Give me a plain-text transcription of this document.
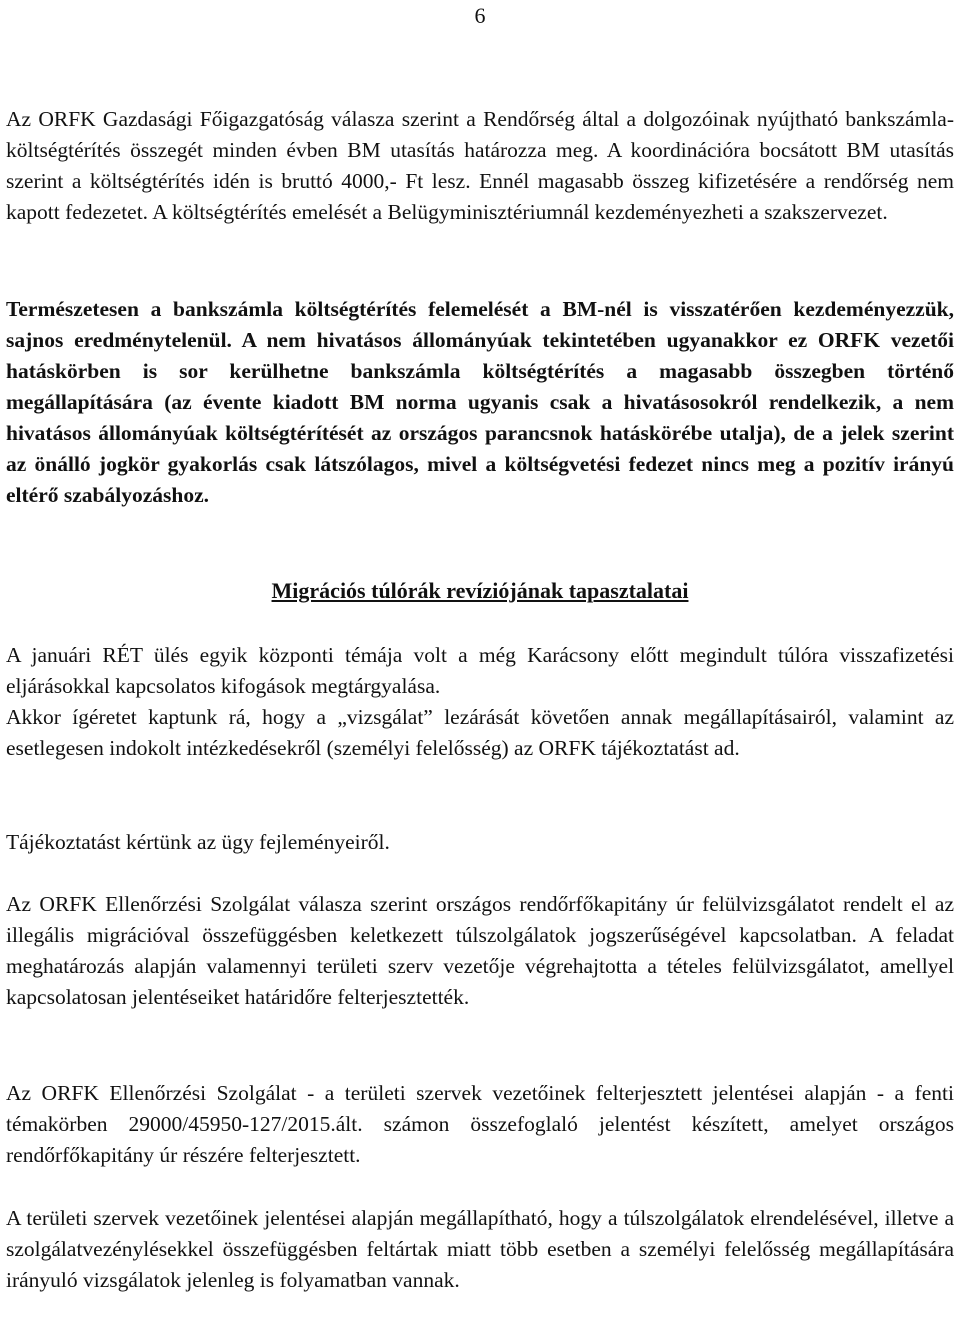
6

Az ORFK Gazdasági Főigazgatóság válasza szerint a Rendőrség által a dolgozóinak nyújtható bankszámla-költségtérítés összegét minden évben BM utasítás határozza meg. A koordinációra bocsátott BM utasítás szerint a költségtérítés idén is bruttó 4000,- Ft lesz. Ennél magasabb összeg kifizetésére a rendőrség nem kapott fedezetet. A költségtérítés emelését a Belügyminisztériumnál kezdeményezheti a szakszervezet.

Természetesen a bankszámla költségtérítés felemelését a BM-nél is visszatérően kezdeményezzük, sajnos eredménytelenül. A nem hivatásos állományúak tekintetében ugyanakkor ez ORFK vezetői hatáskörben is sor kerülhetne bankszámla költségtérítés a magasabb összegben történő megállapítására (az évente kiadott BM norma ugyanis csak a hivatásosokról rendelkezik, a nem hivatásos állományúak költségtérítését az országos parancsnok hatáskörébe utalja), de a jelek szerint az önálló jogkör gyakorlás csak látszólagos, mivel a költségvetési fedezet nincs meg a pozitív irányú eltérő szabályozáshoz.

Migrációs túlórák revíziójának tapasztalatai

A januári RÉT ülés egyik központi témája volt a még Karácsony előtt megindult túlóra visszafizetési eljárásokkal kapcsolatos kifogások megtárgyalása.

Akkor ígéretet kaptunk rá, hogy a „vizsgálat” lezárását követően annak megállapításairól, valamint az esetlegesen indokolt intézkedésekről (személyi felelősség) az ORFK tájékoztatást ad.

Tájékoztatást kértünk az ügy fejleményeiről.

Az ORFK Ellenőrzési Szolgálat válasza szerint országos rendőrfőkapitány úr felülvizsgálatot rendelt el az illegális migrációval összefüggésben keletkezett túlszolgálatok jogszerűségével kapcsolatban. A feladat meghatározás alapján valamennyi területi szerv vezetője végrehajtotta a tételes felülvizsgálatot, amellyel kapcsolatosan jelentéseiket határidőre felterjesztették.

Az ORFK Ellenőrzési Szolgálat - a területi szervek vezetőinek felterjesztett jelentései alapján - a fenti témakörben 29000/45950-127/2015.ált. számon összefoglaló jelentést készített, amelyet országos rendőrfőkapitány úr részére felterjesztett.

A területi szervek vezetőinek jelentései alapján megállapítható, hogy a túlszolgálatok elrendelésével, illetve a szolgálatvezénylésekkel összefüggésben feltártak miatt több esetben a személyi felelősség megállapítására irányuló vizsgálatok jelenleg is folyamatban vannak.
